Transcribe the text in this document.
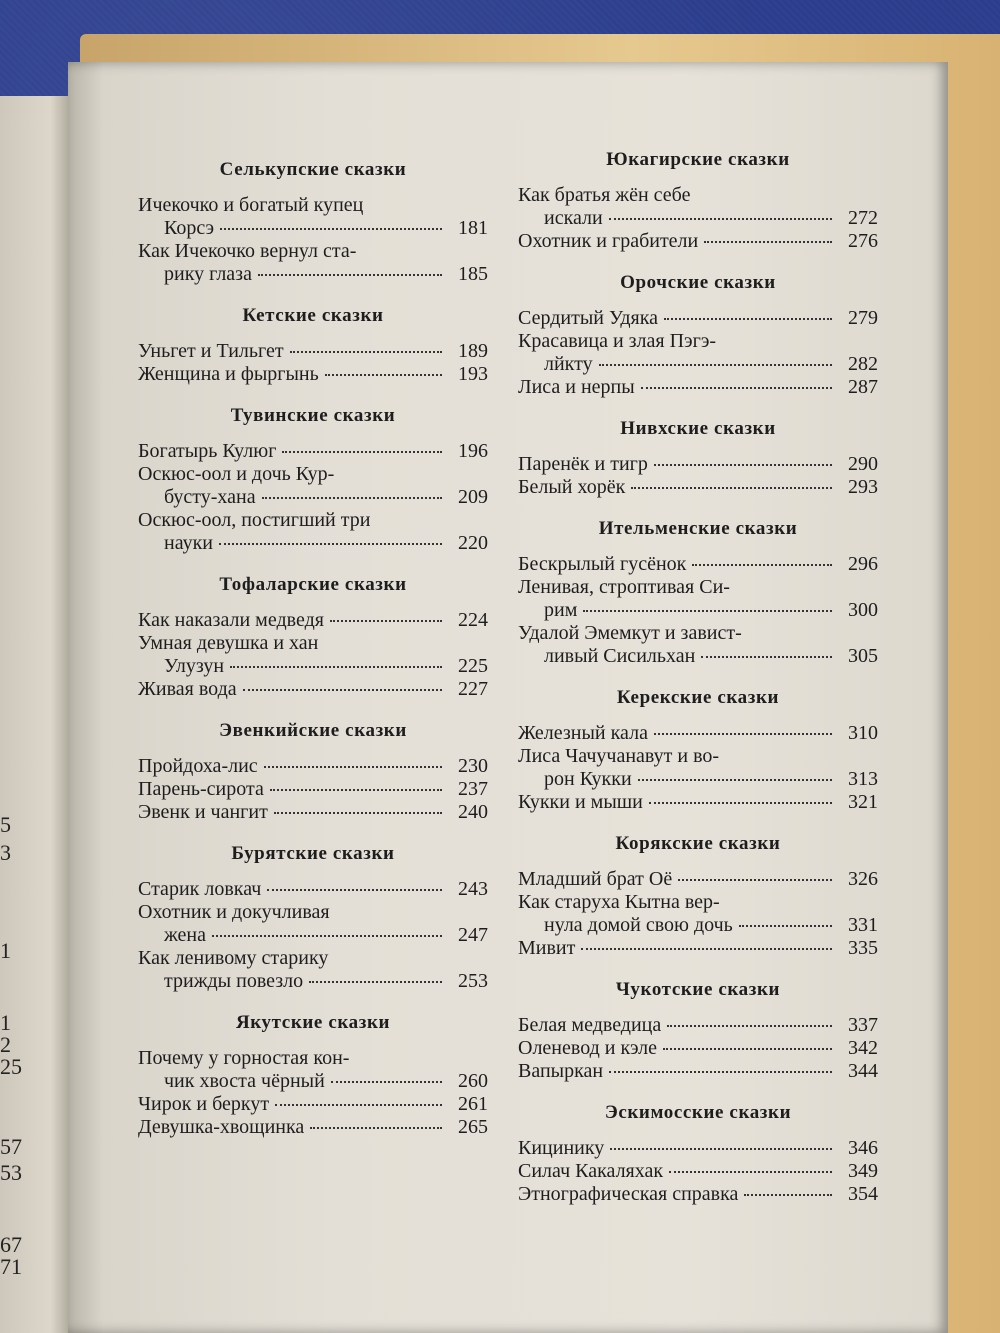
5
3
1
1
2
25
57
53
67
71
Селькупские сказки
Ичекочко и богатый купец
Корсэ	181
Как Ичекочко вернул ста-
рику глаза	185
Кетские сказки
Уньгет и Тильгет	189
Женщина и фыргынь	193
Тувинские сказки
Богатырь Кулюг	196
Оскюс-оол и дочь Кур-
бусту-хана	209
Оскюс-оол, постигший три
науки	220
Тофаларские сказки
Как наказали медведя	224
Умная девушка и хан
Улузун	225
Живая вода	227
Эвенкийские сказки
Пройдоха-лис	230
Парень-сирота	237
Эвенк и чангит	240
Бурятские сказки
Старик ловкач	243
Охотник и докучливая
жена	247
Как ленивому старику
трижды повезло	253
Якутские сказки
Почему у горностая кон-
чик хвоста чёрный	260
Чирок и беркут	261
Девушка-хвощинка	265
Юкагирские сказки
Как братья жён себе
искали	272
Охотник и грабители	276
Орочские сказки
Сердитый Удяка	279
Красавица и злая Пэгэ-
лйкту	282
Лиса и нерпы	287
Нивхские сказки
Паренёк и тигр	290
Белый хорёк	293
Ительменские сказки
Бескрылый гусёнок	296
Ленивая, строптивая Си-
рим	300
Удалой Эмемкут и завист-
ливый Сисильхан	305
Керекские сказки
Железный кала	310
Лиса Чачучанавут и во-
рон Кукки	313
Кукки и мыши	321
Корякские сказки
Младший брат Оё	326
Как старуха Кытна вер-
нула домой свою дочь	331
Мивит	335
Чукотские сказки
Белая медведица	337
Оленевод и кэле	342
Вапыркан	344
Эскимосские сказки
Кицинику	346
Силач Какаляхак	349
Этнографическая справка	354
